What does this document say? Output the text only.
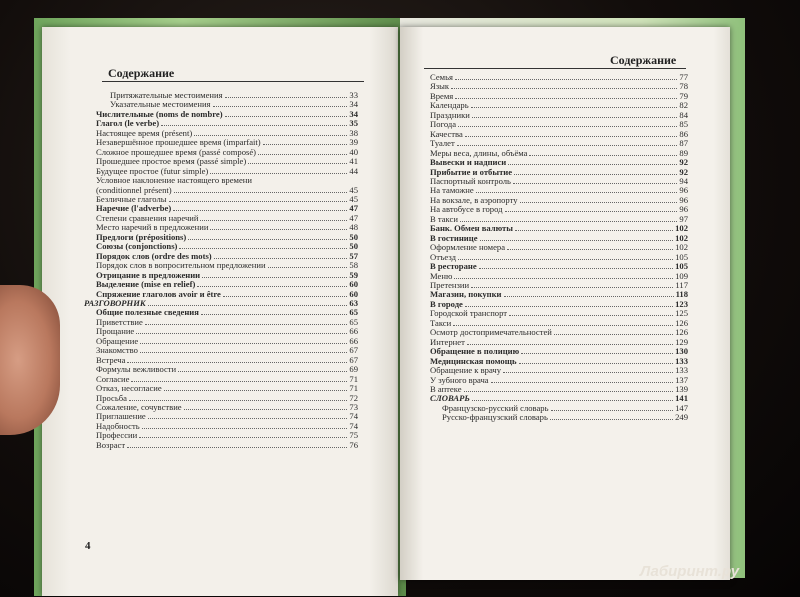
Содержание
Содержание
Притяжательные местоимения	33
Указательные местоимения	34
Числительные (noms de nombre)	34
Глагол (le verbe)	35
Настоящее время (présent)	38
Незавершённое прошедшее время (imparfait)	39
Сложное прошедшее время (passé composé)	40
Прошедшее простое время (passé simple)	41
Будущее простое (futur simple)	44
Условное наклонение настоящего времени
(conditionnel présent)	45
Безличные глаголы	45
Наречие (l'adverbe)	47
Степени сравнения наречий	47
Место наречий в предложении	48
Предлоги (prépositions)	50
Союзы (conjonctions)	50
Порядок слов (ordre des mots)	57
Порядок слов в вопросительном предложении	58
Отрицание в предложении	59
Выделение (mise en relief)	60
Спряжение глаголов avoir и être	60
РАЗГОВОРНИК	63
Общие полезные сведения	65
Приветствие	65
Прощание	66
Обращение	66
Знакомство	67
Встреча	67
Формулы вежливости	69
Согласие	71
Отказ, несогласие	71
Просьба	72
Сожаление, сочувствие	73
Приглашение	74
Надобность	74
Профессии	75
Возраст	76
Семья	77
Язык	78
Время	79
Календарь	82
Праздники	84
Погода	85
Качества	86
Туалет	87
Меры веса, длины, объёма	89
Вывески и надписи	92
Прибытие и отбытие	92
Паспортный контроль	94
На таможне	96
На вокзале, в аэропорту	96
На автобусе в город	96
В такси	97
Банк. Обмен валюты	102
В гостинице	102
Оформление номера	102
Отъезд	105
В ресторане	105
Меню	109
Претензии	117
Магазин, покупки	118
В городе	123
Городской транспорт	125
Такси	126
Осмотр достопримечательностей	126
Интернет	129
Обращение в полицию	130
Медицинская помощь	133
Обращение к врачу	133
У зубного врача	137
В аптеке	139
СЛОВАРЬ	141
Французско-русский словарь	147
Русско-французский словарь	249
4
Лабиринт.ру
